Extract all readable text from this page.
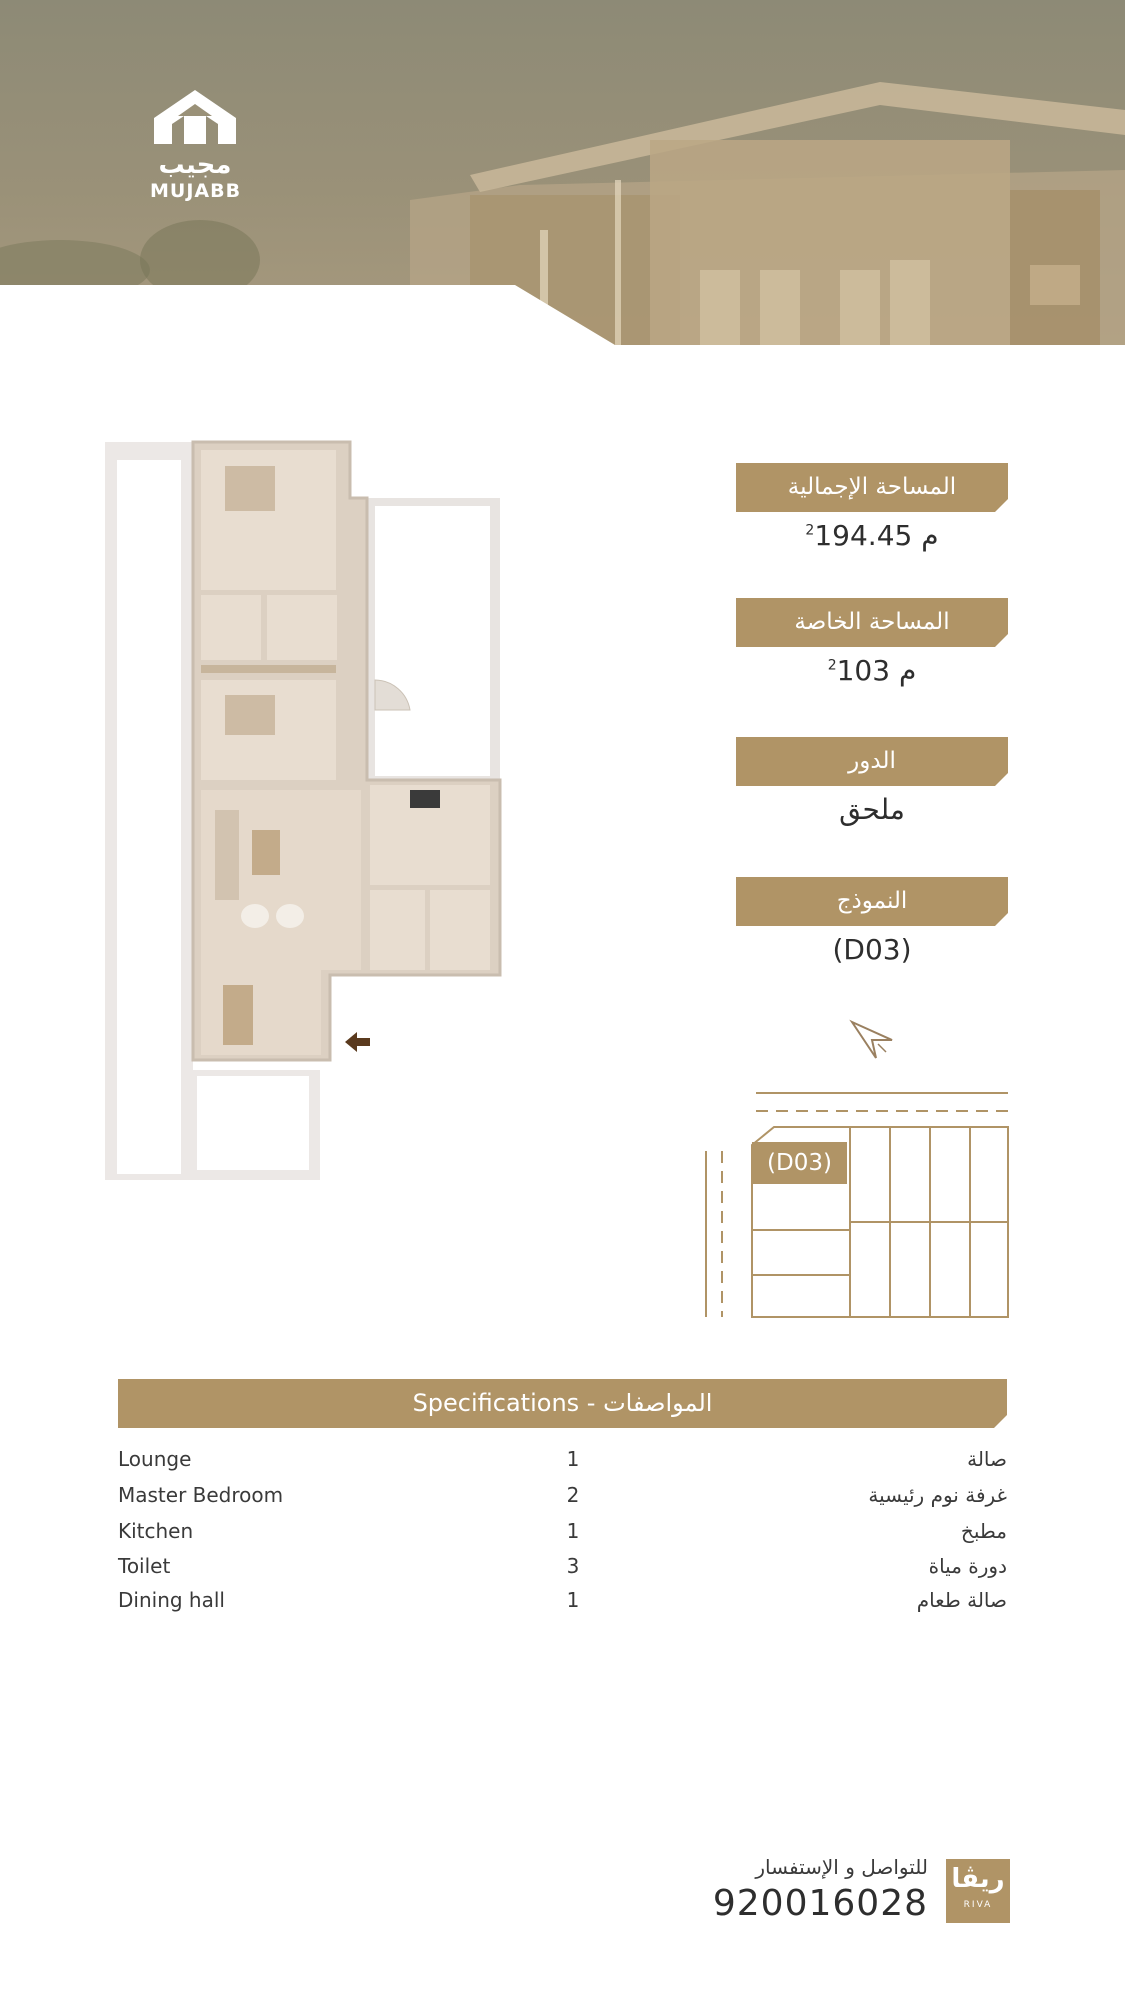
مجيب
MUJABB
المساحة الإجمالية
$^2$194.45 م
المساحة الخاصة
$^2$103 م
الدور
ملحق
النموذج
(D03)
(D03)
Specifications - المواصفات
Lounge	1	صالة
Master Bedroom	2	غرفة نوم رئيسية
Kitchen	1	مطبخ
Toilet	3	دورة مياة
Dining hall	1	صالة طعام
للتواصل و الإستفسار
920016028
ريڤا
RIVA
